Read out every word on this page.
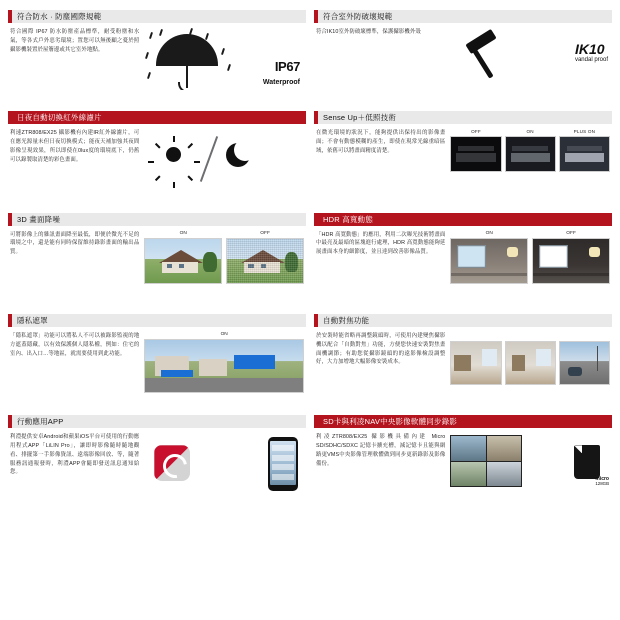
符合防水 · 防塵國際規範
符合國際 IP67 防水防塵產品標準，耐受粉塵和水氣，等各式戶外惡劣環境；置您可以無後顧之憂於照攝影機裝置於屋簷邊或其它室外地點。
IP67
Waterproof
符合室外防破壞規範
符合IK10室外防破壞標準，保護攝影機外殼
IK10
vandal proof
日夜自動切換紅外線濾片
利速ZTR808/EX25 攝影機有內建IR紅外線濾片，可在應光源量未但日夜切換模式；能夜天補加強其夜間影像呈現效果，所以即使在0lux度的環境底下，仍舊可以錄製取清楚的彩色畫面。
Sense Up＋低照技術
在微光環境的狀況下，能夠提供出保持出的影像畫面；不會有動態模糊的產生，即使在現常光線重暗區域，依舊可以將畫面精度清楚。
OFF	ON	PLUS ON
3D 畫面降噪
可將影像上的雜訊畫面降至最低，即便於微光不足的環境之中，還是能有同時保留維持錄影畫面的輸出品質。
ON	OFF
HDR 高寬動態
「HDR 高寬動態」的應用，利用二次曝光技術將畫面中最亮及最暗的區塊進行處理，HDR 高寬動態能夠延展畫面本身的細節度，並且達到改善影像品質。
ON	OFF
隱私遮罩
「隱私遮罩」功能可以將私人不可以被錄影監視的地方遮蓋隱藏，以有效保護個人隱私權，例如：住宅的室內、出入口…等地區，就需要使用到此功能。
ON
自動對焦功能
於安裝時能省略再調整鏡頭時，可使用內建變焦攝影機以配合「自動對焦」功能，方便您快速安裝對焦畫面機調節；有助您從攝影鏡頭的的遠影像檢設調整好，大力加增地大幅影像安裝成本。
行動應用APP
利澧提供安卓Android和蘋果iOS平台可使用的行動應用程式APP「LiLIN Pro」，讓即時影像隨時隨地觀看、排擺第一手影像資訊、遠端影像回放、等，隨著服務訊通報發時，利澧APP會隨即發送訊息通知給您。
SD卡與利凌NAV中央影像軟體同步錄影
利凌ZTR808/EX25 攝影機具備內建 Micro SD/SDHC/SDXC 記憶卡擴充槽，減記憶卡且能與網路更VMS中央影像管理軟體做到同步更新錄影及影像備份。
micro
128GB
